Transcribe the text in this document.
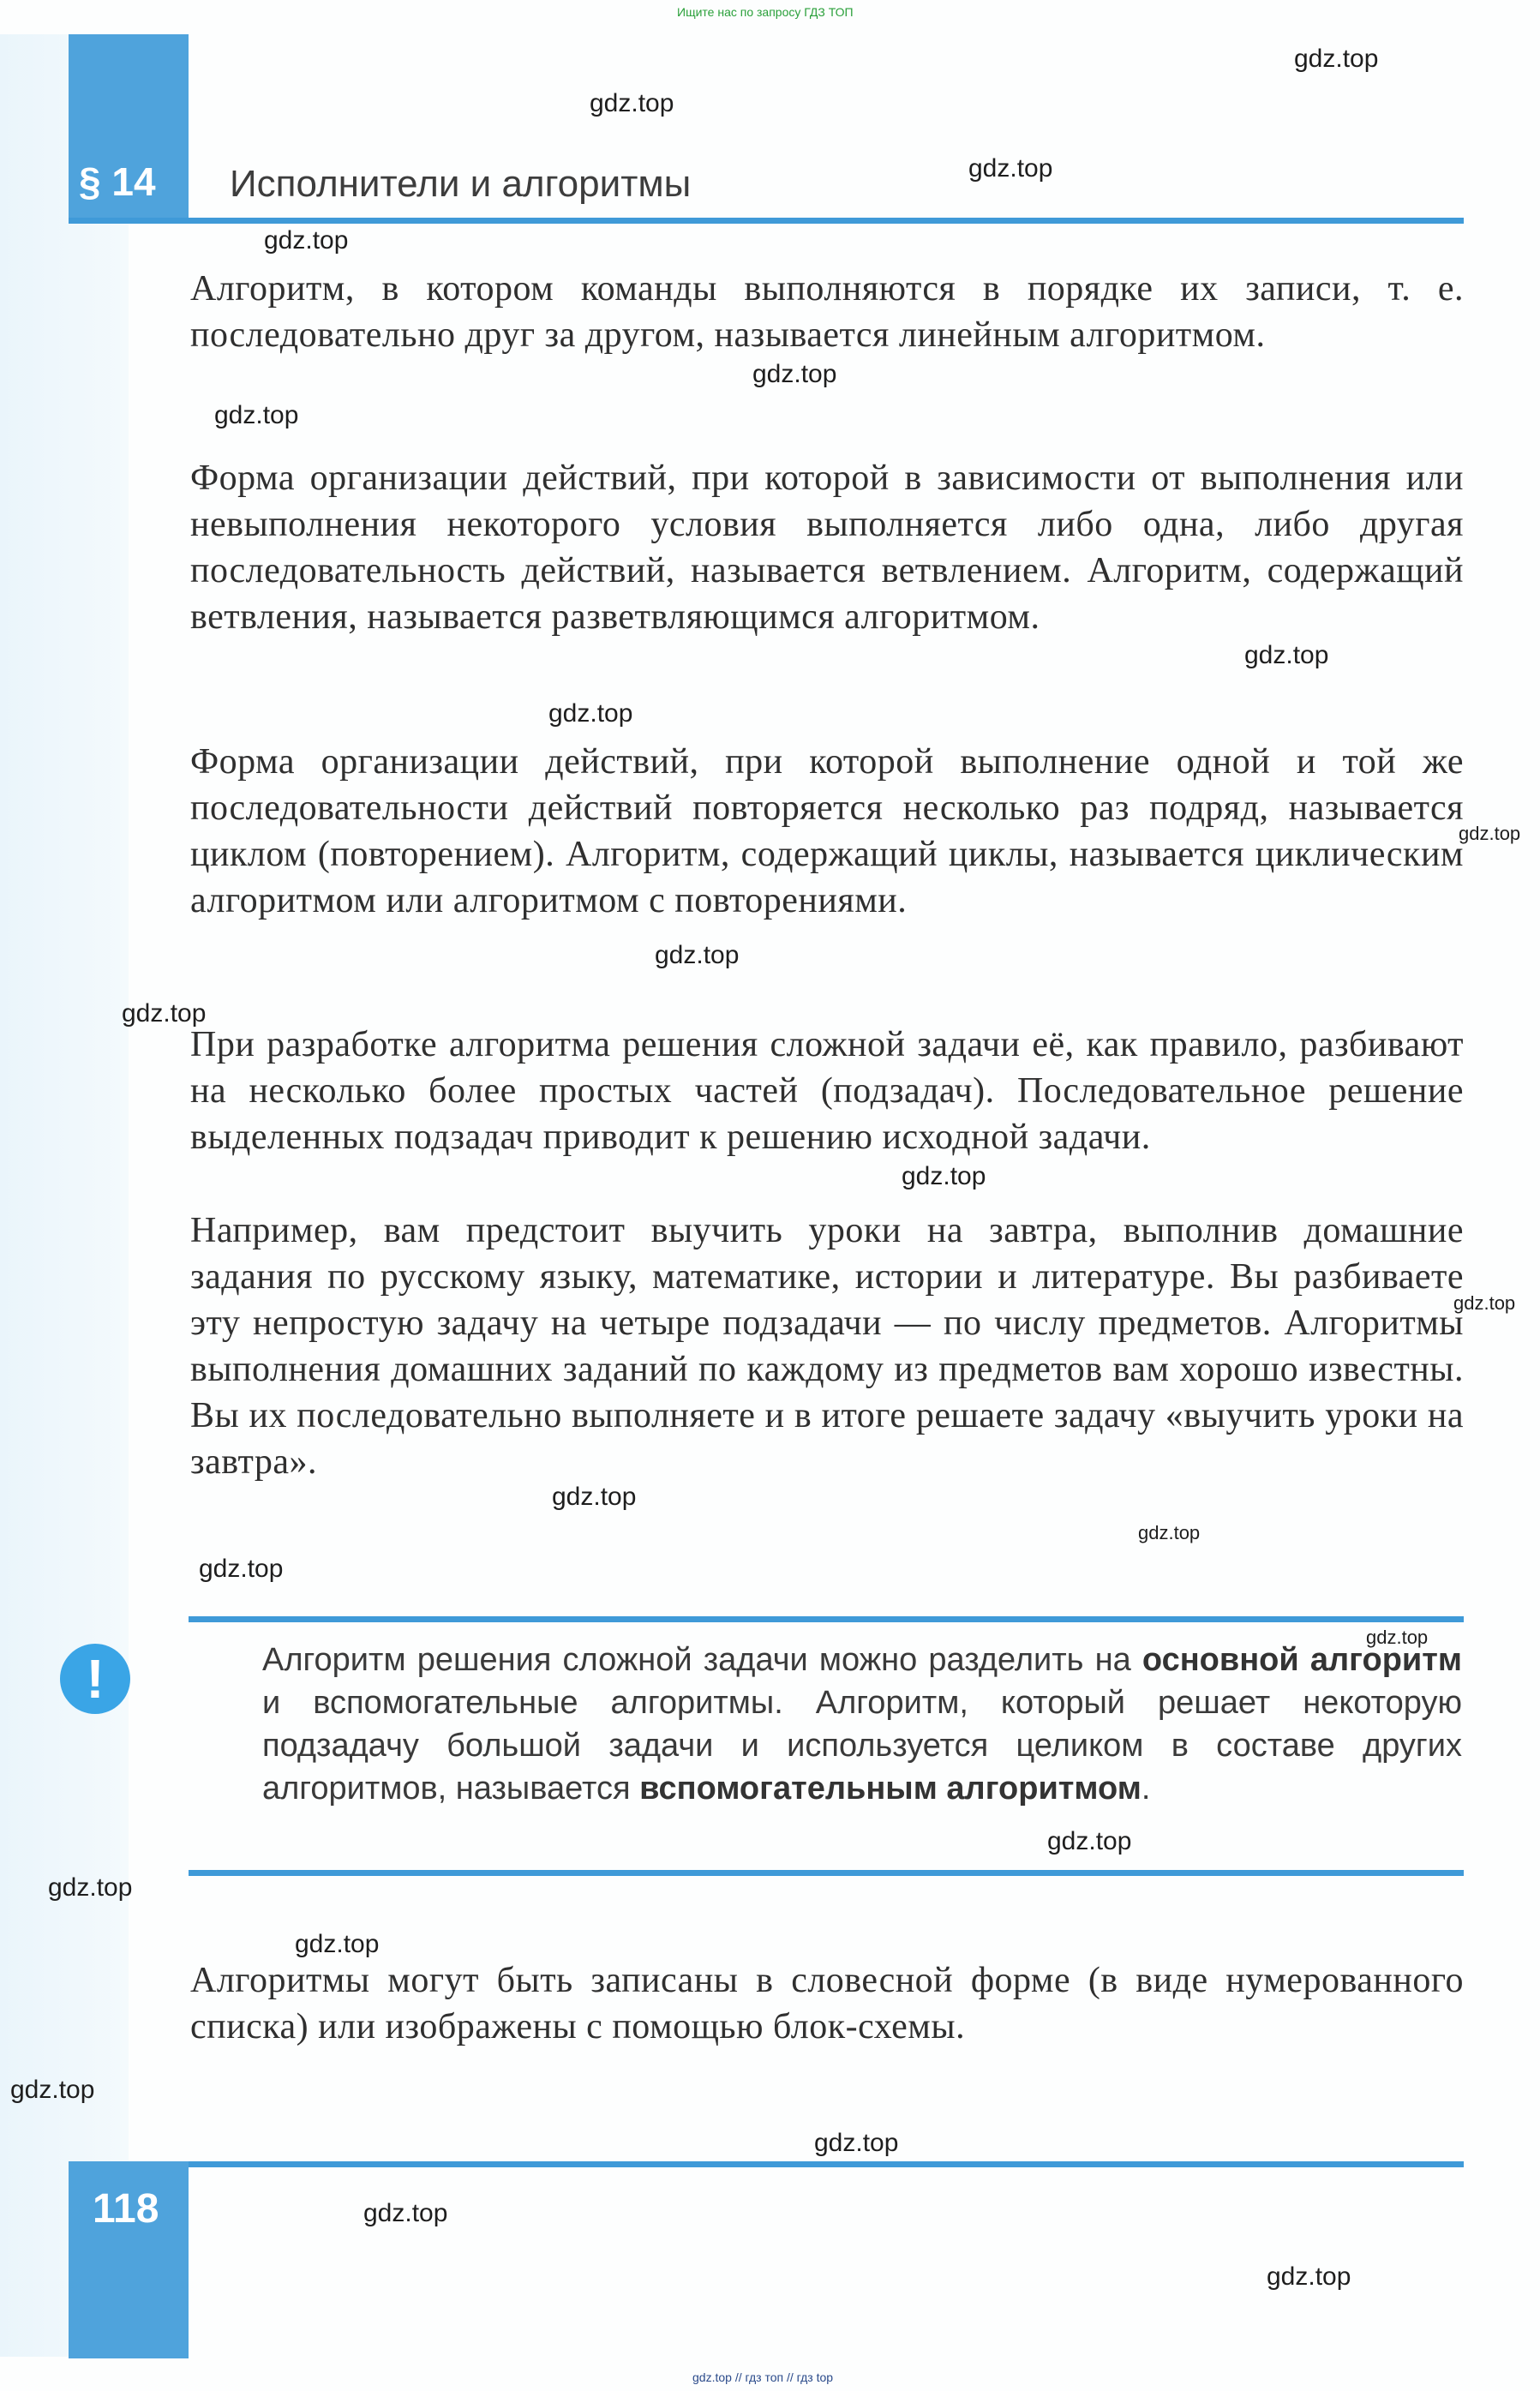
Ищите нас по запросу ГДЗ ТОП
§ 14 Исполнители и алгоритмы
Алгоритм, в котором команды выполняются в порядке их записи, т. е. последовательно друг за другом, называется линейным алгоритмом.
Форма организации действий, при которой в зависимости от выполнения или невыполнения некоторого условия выполняется либо одна, либо другая последовательность действий, называется ветвлением. Алгоритм, содержащий ветвления, называется разветвляющимся алгоритмом.
Форма организации действий, при которой выполнение одной и той же последовательности действий повторяется несколько раз подряд, называется циклом (повторением). Алгоритм, содержащий циклы, называется циклическим алгоритмом или алгоритмом с повторениями.
При разработке алгоритма решения сложной задачи её, как правило, разбивают на несколько более простых частей (подзадач). Последовательное решение выделенных подзадач приводит к решению исходной задачи.
Например, вам предстоит выучить уроки на завтра, выполнив домашние задания по русскому языку, математике, истории и литературе. Вы разбиваете эту непростую задачу на четыре подзадачи — по числу предметов. Алгоритмы выполнения домашних заданий по каждому из предметов вам хорошо известны. Вы их последовательно выполняете и в итоге решаете задачу «выучить уроки на завтра».
!	Алгоритм решения сложной задачи можно разделить на основной алгоритм и вспомогательные алгоритмы. Алгоритм, который решает некоторую подзадачу большой задачи и используется целиком в составе других алгоритмов, называется вспомогательным алгоритмом.
Алгоритмы могут быть записаны в словесной форме (в виде нумерованного списка) или изображены с помощью блок-схемы.
118
gdz.top // гдз топ // гдз top
gdz.top
gdz.top
gdz.top
gdz.top
gdz.top
gdz.top
gdz.top
gdz.top
gdz.top
gdz.top
gdz.top
gdz.top
gdz.top
gdz.top
gdz.top
gdz.top
gdz.top
gdz.top
gdz.top
gdz.top
gdz.top
gdz.top
gdz.top
gdz.top
